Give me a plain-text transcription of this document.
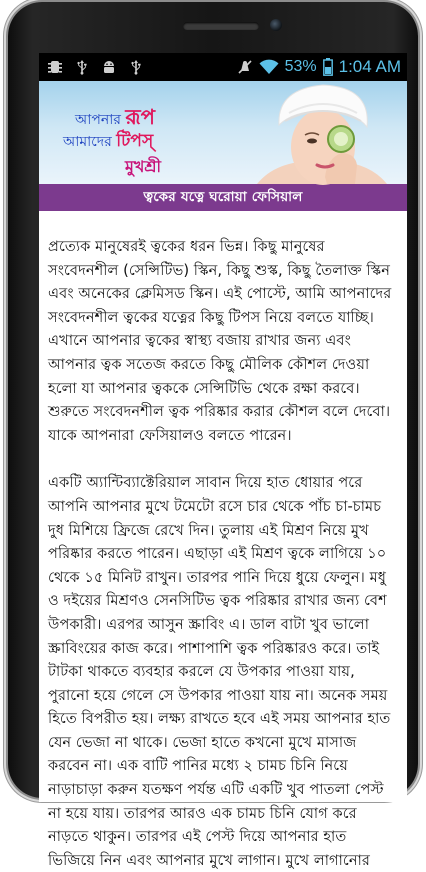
53% 1:04 AM
আপনার রূপ
আমাদের টিপস্
মুখশ্রী
ত্বকের যত্নে ঘরোয়া ফেসিয়াল

প্রত্যেক মানুষেরই ত্বকের ধরন ভিন্ন। কিছু মানুষের সংবেদনশীল (সেন্সিটিভ) স্কিন, কিছু শুস্ক, কিছু তৈলাক্ত স্কিন এবং অনেকের ক্লেমিসড স্কিন। এই পোস্টে, আমি আপনাদের সংবেদনশীল ত্বকের যত্নের কিছু টিপস নিয়ে বলতে যাচ্ছি। এখানে আপনার ত্বকের স্বাস্থ্য বজায় রাখার জন্য এবং আপনার ত্বক সতেজ করতে কিছু মৌলিক কৌশল দেওয়া হলো যা আপনার ত্বককে সেন্সিটিভি থেকে রক্ষা করবে। শুরুতে সংবেদনশীল ত্বক পরিষ্কার করার কৌশল বলে দেবো। যাকে আপনারা ফেসিয়ালও বলতে পারেন।

একটি অ্যান্টিব্যাক্টেরিয়াল সাবান দিয়ে হাত ধোয়ার পরে আপনি আপনার মুখে টমেটো রসে চার থেকে পাঁচ চা-চামচ দুধ মিশিয়ে ফ্রিজে রেখে দিন। তুলায় এই মিশ্রণ নিয়ে মুখ পরিষ্কার করতে পারেন। এছাড়া এই মিশ্রণ ত্বকে লাগিয়ে ১০ থেকে ১৫ মিনিট রাখুন। তারপর পানি দিয়ে ধুয়ে ফেলুন। মধু ও দইয়ের মিশ্রণও সেনসিটিভ ত্বক পরিষ্কার রাখার জন্য বেশ উপকারী। এরপর আসুন স্ক্রাবিং এ। ডাল বাটা খুব ভালো স্ক্রাবিংয়ের কাজ করে। পাশাপাশি ত্বক পরিষ্কারও করে। তাই টাটকা থাকতে ব্যবহার করলে যে উপকার পাওয়া যায়, পুরানো হয়ে গেলে সে উপকার পাওয়া যায় না। অনেক সময় হিতে বিপরীত হয়। লক্ষ্য রাখতে হবে এই সময় আপনার হাত যেন ভেজা না থাকে। ভেজা হাতে কখনো মুখে মাসাজ করবেন না। এক বাটি পানির মধ্যে ২ চামচ চিনি নিয়ে নাড়াচাড়া করুন যতক্ষণ পর্যন্ত এটি একটি খুব পাতলা পেস্ট না হয়ে যায়। তারপর আরও এক চামচ চিনি যোগ করে নাড়তে থাকুন। তারপর এই পেস্ট দিয়ে আপনার হাত ভিজিয়ে নিন এবং আপনার মুখে লাগান। মুখে লাগানোর
